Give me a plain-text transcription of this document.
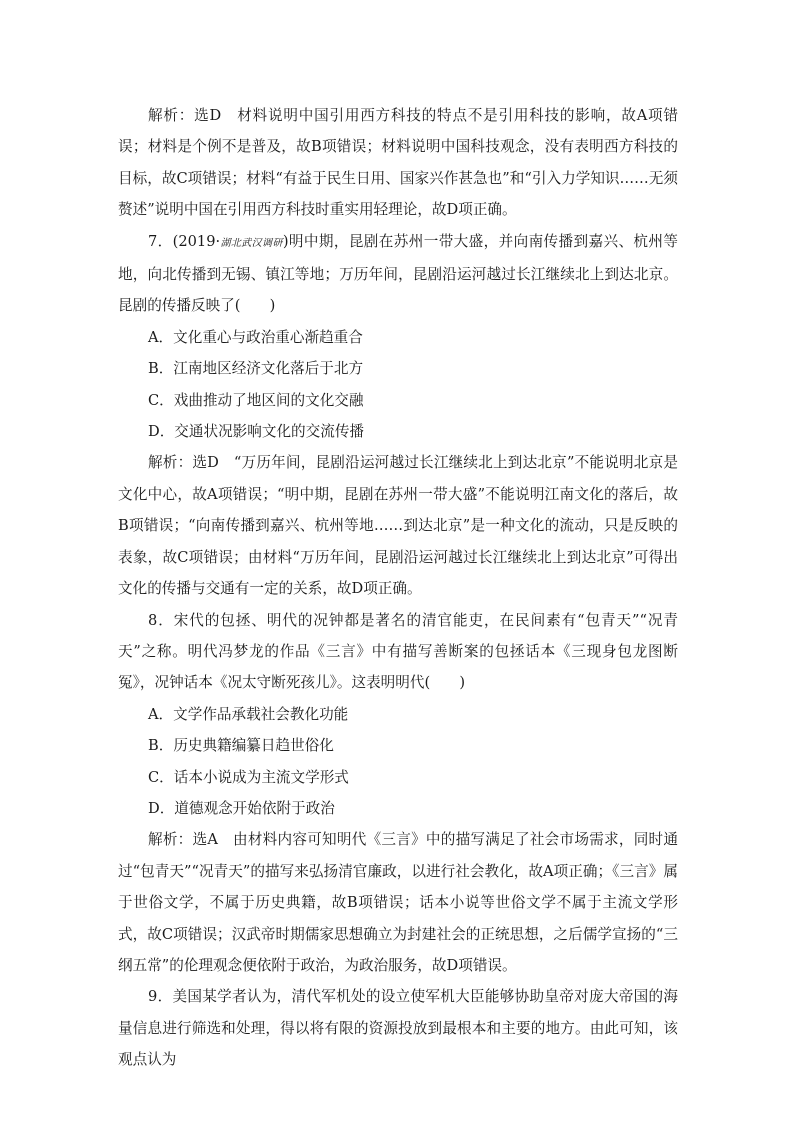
解析：选D　材料说明中国引用西方科技的特点不是引用科技的影响，故A项错误；材料是个例不是普及，故B项错误；材料说明中国科技观念，没有表明西方科技的目标，故C项错误；材料“有益于民生日用、国家兴作甚急也”和“引入力学知识……无须赘述”说明中国在引用西方科技时重实用轻理论，故D项正确。

7．(2019·湖北武汉调研)明中期，昆剧在苏州一带大盛，并向南传播到嘉兴、杭州等地，向北传播到无锡、镇江等地；万历年间，昆剧沿运河越过长江继续北上到达北京。昆剧的传播反映了(　　)

A．文化重心与政治重心渐趋重合

B．江南地区经济文化落后于北方

C．戏曲推动了地区间的文化交融

D．交通状况影响文化的交流传播

解析：选D　“万历年间，昆剧沿运河越过长江继续北上到达北京”不能说明北京是文化中心，故A项错误；“明中期，昆剧在苏州一带大盛”不能说明江南文化的落后，故B项错误；“向南传播到嘉兴、杭州等地……到达北京”是一种文化的流动，只是反映的表象，故C项错误；由材料“万历年间，昆剧沿运河越过长江继续北上到达北京”可得出文化的传播与交通有一定的关系，故D项正确。

8．宋代的包拯、明代的况钟都是著名的清官能吏，在民间素有“包青天”“况青天”之称。明代冯梦龙的作品《三言》中有描写善断案的包拯话本《三现身包龙图断冤》，况钟话本《况太守断死孩儿》。这表明明代(　　)

A．文学作品承载社会教化功能

B．历史典籍编纂日趋世俗化

C．话本小说成为主流文学形式

D．道德观念开始依附于政治

解析：选A　由材料内容可知明代《三言》中的描写满足了社会市场需求，同时通过“包青天”“况青天”的描写来弘扬清官廉政，以进行社会教化，故A项正确；《三言》属于世俗文学，不属于历史典籍，故B项错误；话本小说等世俗文学不属于主流文学形式，故C项错误；汉武帝时期儒家思想确立为封建社会的正统思想，之后儒学宣扬的“三纲五常”的伦理观念便依附于政治，为政治服务，故D项错误。

9．美国某学者认为，清代军机处的设立使军机大臣能够协助皇帝对庞大帝国的海量信息进行筛选和处理，得以将有限的资源投放到最根本和主要的地方。由此可知，该观点认为
